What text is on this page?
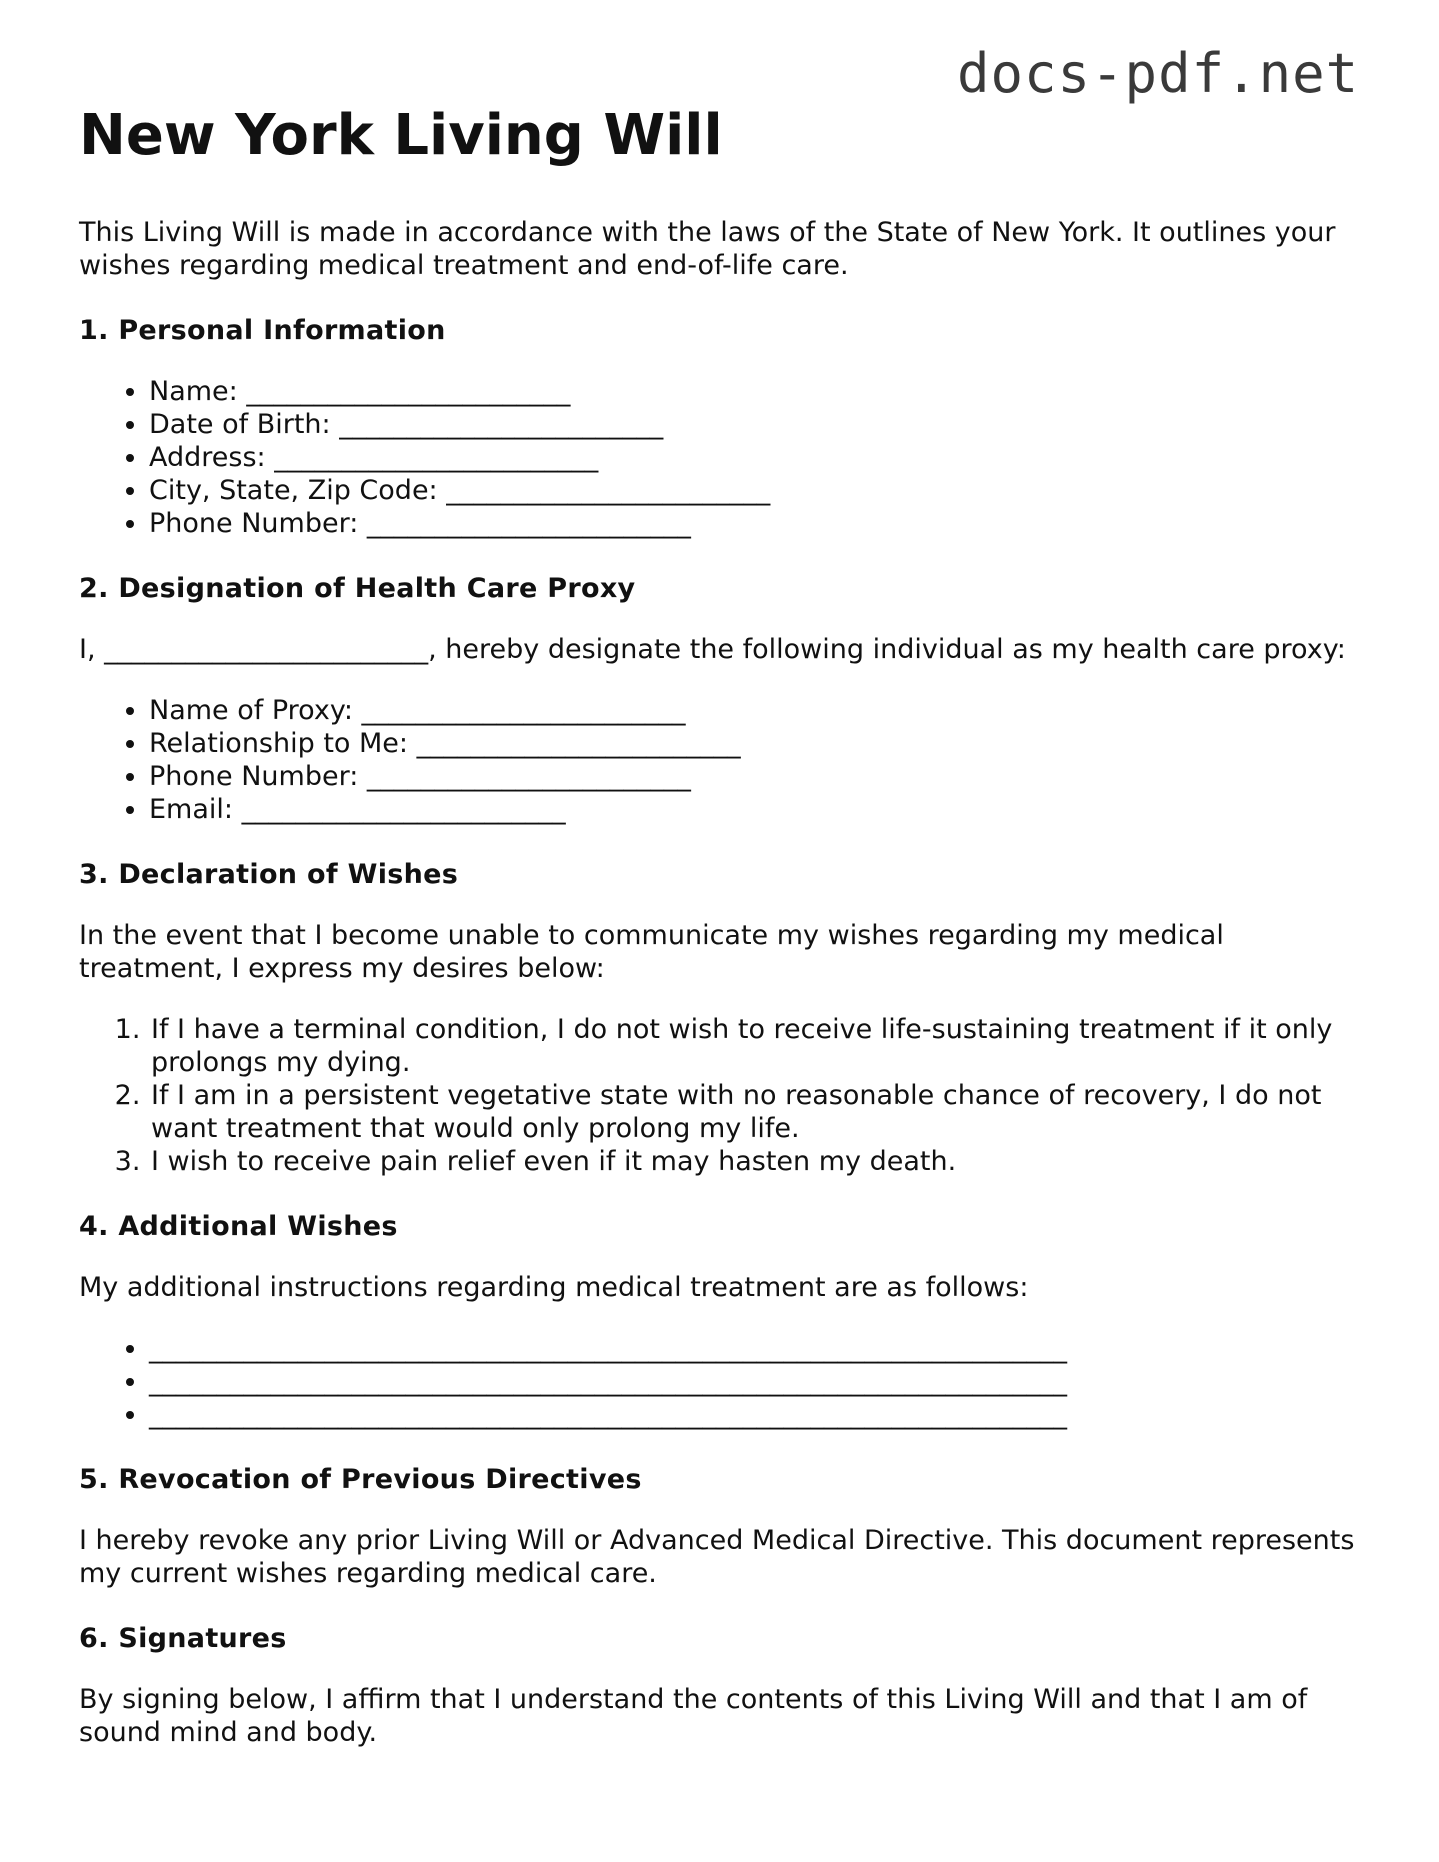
docs-pdf.net
New York Living Will

This Living Will is made in accordance with the laws of the State of New York. It outlines your wishes regarding medical treatment and end-of-life care.

1. Personal Information
• Name: ________________________
• Date of Birth: ________________________
• Address: ________________________
• City, State, Zip Code: ________________________
• Phone Number: ________________________
2. Designation of Health Care Proxy

I, ________________________, hereby designate the following individual as my health care proxy:

• Name of Proxy: ________________________
• Relationship to Me: ________________________
• Phone Number: ________________________
• Email: ________________________
3. Declaration of Wishes

In the event that I become unable to communicate my wishes regarding my medical treatment, I express my desires below:

1. If I have a terminal condition, I do not wish to receive life-sustaining treatment if it only prolongs my dying.
2. If I am in a persistent vegetative state with no reasonable chance of recovery, I do not want treatment that would only prolong my life.
3. I wish to receive pain relief even if it may hasten my death.
4. Additional Wishes

My additional instructions regarding medical treatment are as follows:

• ____________________________________________________________________
• ____________________________________________________________________
• ____________________________________________________________________
5. Revocation of Previous Directives

I hereby revoke any prior Living Will or Advanced Medical Directive. This document represents my current wishes regarding medical care.

6. Signatures

By signing below, I affirm that I understand the contents of this Living Will and that I am of sound mind and body.
